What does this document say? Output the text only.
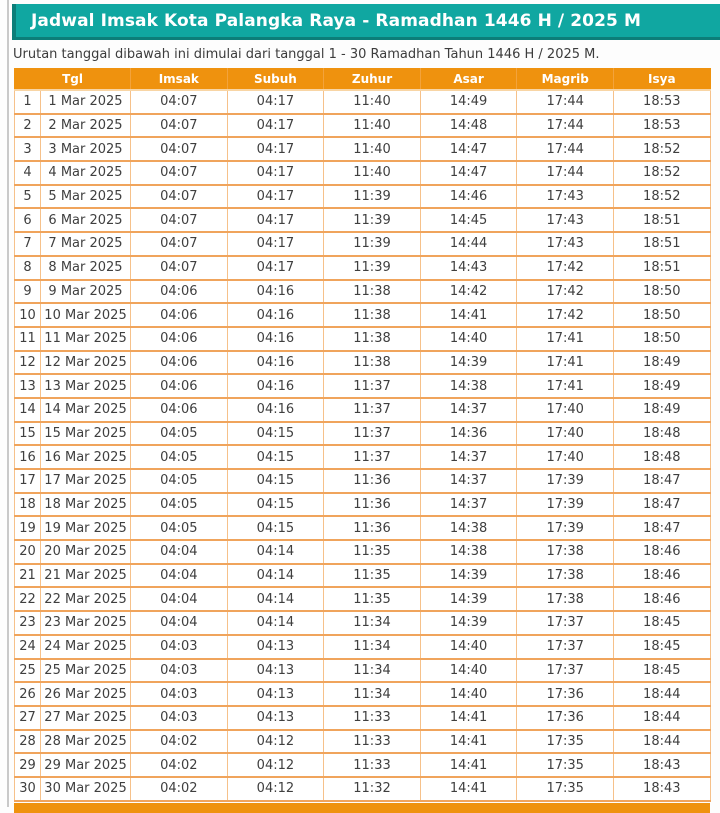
Jadwal Imsak Kota Palangka Raya - Ramadhan 1446 H / 2025 M

Urutan tanggal dibawah ini dimulai dari tanggal 1 - 30 Ramadhan Tahun 1446 H / 2025 M.

Tgl		Imsak	Subuh	Zuhur	Asar	Magrib	Isya
1	1 Mar 2025	04:07	04:17	11:40	14:49	17:44	18:53
2	2 Mar 2025	04:07	04:17	11:40	14:48	17:44	18:53
3	3 Mar 2025	04:07	04:17	11:40	14:47	17:44	18:52
4	4 Mar 2025	04:07	04:17	11:40	14:47	17:44	18:52
5	5 Mar 2025	04:07	04:17	11:39	14:46	17:43	18:52
6	6 Mar 2025	04:07	04:17	11:39	14:45	17:43	18:51
7	7 Mar 2025	04:07	04:17	11:39	14:44	17:43	18:51
8	8 Mar 2025	04:07	04:17	11:39	14:43	17:42	18:51
9	9 Mar 2025	04:06	04:16	11:38	14:42	17:42	18:50
10	10 Mar 2025	04:06	04:16	11:38	14:41	17:42	18:50
11	11 Mar 2025	04:06	04:16	11:38	14:40	17:41	18:50
12	12 Mar 2025	04:06	04:16	11:38	14:39	17:41	18:49
13	13 Mar 2025	04:06	04:16	11:37	14:38	17:41	18:49
14	14 Mar 2025	04:06	04:16	11:37	14:37	17:40	18:49
15	15 Mar 2025	04:05	04:15	11:37	14:36	17:40	18:48
16	16 Mar 2025	04:05	04:15	11:37	14:37	17:40	18:48
17	17 Mar 2025	04:05	04:15	11:36	14:37	17:39	18:47
18	18 Mar 2025	04:05	04:15	11:36	14:37	17:39	18:47
19	19 Mar 2025	04:05	04:15	11:36	14:38	17:39	18:47
20	20 Mar 2025	04:04	04:14	11:35	14:38	17:38	18:46
21	21 Mar 2025	04:04	04:14	11:35	14:39	17:38	18:46
22	22 Mar 2025	04:04	04:14	11:35	14:39	17:38	18:46
23	23 Mar 2025	04:04	04:14	11:34	14:39	17:37	18:45
24	24 Mar 2025	04:03	04:13	11:34	14:40	17:37	18:45
25	25 Mar 2025	04:03	04:13	11:34	14:40	17:37	18:45
26	26 Mar 2025	04:03	04:13	11:34	14:40	17:36	18:44
27	27 Mar 2025	04:03	04:13	11:33	14:41	17:36	18:44
28	28 Mar 2025	04:02	04:12	11:33	14:41	17:35	18:44
29	29 Mar 2025	04:02	04:12	11:33	14:41	17:35	18:43
30	30 Mar 2025	04:02	04:12	11:32	14:41	17:35	18:43
